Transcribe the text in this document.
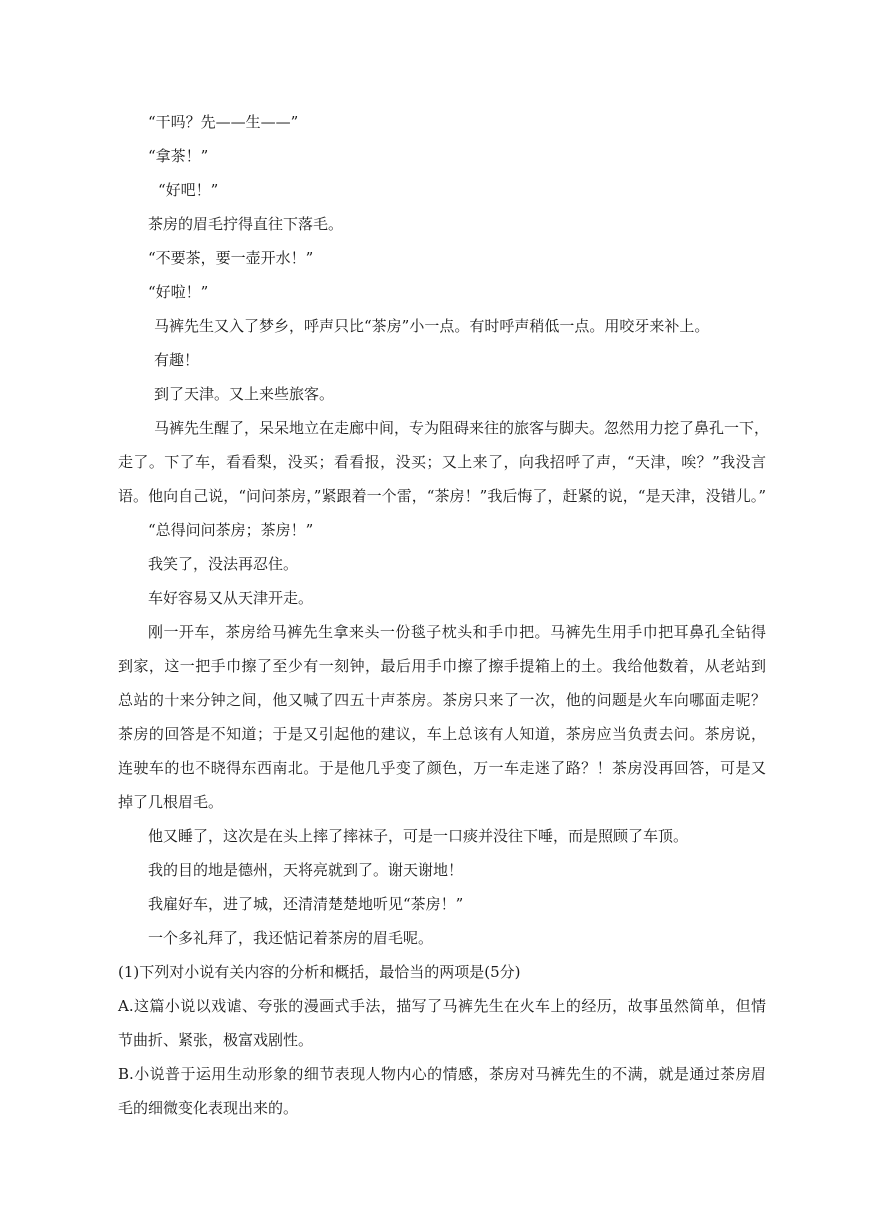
“干吗？先——生——”
“拿茶！”
“好吧！”
茶房的眉毛拧得直往下落毛。
“不要茶，要一壶开水！”
“好啦！”
马裤先生又入了梦乡，呼声只比“茶房”小一点。有时呼声稍低一点。用咬牙来补上。
有趣！
到了天津。又上来些旅客。
马裤先生醒了，呆呆地立在走廊中间，专为阻碍来往的旅客与脚夫。忽然用力挖了鼻孔一下，
走了。下了车，看看梨，没买；看看报，没买；又上来了，向我招呼了声，“天津，唉？”我没言
语。他向自己说，“问问茶房，”紧跟着一个雷，“茶房！”我后悔了，赶紧的说，“是天津，没错儿。”
“总得问问茶房；茶房！”
我笑了，没法再忍住。
车好容易又从天津开走。
刚一开车，茶房给马裤先生拿来头一份毯子枕头和手巾把。马裤先生用手巾把耳鼻孔全钻得
到家，这一把手巾擦了至少有一刻钟，最后用手巾擦了擦手提箱上的土。我给他数着，从老站到
总站的十来分钟之间，他又喊了四五十声茶房。茶房只来了一次，他的问题是火车向哪面走呢？
茶房的回答是不知道；于是又引起他的建议，车上总该有人知道，茶房应当负责去问。茶房说，
连驶车的也不晓得东西南北。于是他几乎变了颜色，万一车走迷了路？！茶房没再回答，可是又
掉了几根眉毛。
他又睡了，这次是在头上摔了摔袜子，可是一口痰并没往下唾，而是照顾了车顶。
我的目的地是德州，天将亮就到了。谢天谢地！
我雇好车，进了城，还清清楚楚地听见“茶房！”
一个多礼拜了，我还惦记着茶房的眉毛呢。
(1)下列对小说有关内容的分析和概括，最恰当的两项是(5分)
A.这篇小说以戏谑、夸张的漫画式手法，描写了马裤先生在火车上的经历，故事虽然简单，但情
节曲折、紧张，极富戏剧性。
B.小说普于运用生动形象的细节表现人物内心的情感，茶房对马裤先生的不满，就是通过茶房眉
毛的细微变化表现出来的。
